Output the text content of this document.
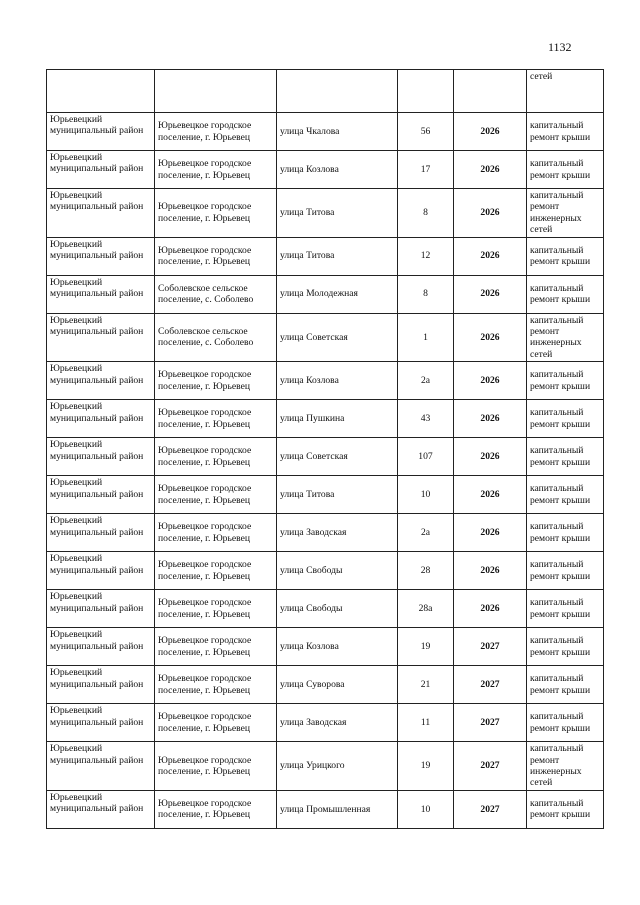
1132
					сетей
Юрьевецкий муниципальный район	Юрьевецкое городское поселение, г. Юрьевец	улица Чкалова	56	2026	капитальный ремонт крыши
Юрьевецкий муниципальный район	Юрьевецкое городское поселение, г. Юрьевец	улица Козлова	17	2026	капитальный ремонт крыши
Юрьевецкий муниципальный район	Юрьевецкое городское поселение, г. Юрьевец	улица Титова	8	2026	капитальный ремонт инженерных сетей
Юрьевецкий муниципальный район	Юрьевецкое городское поселение, г. Юрьевец	улица Титова	12	2026	капитальный ремонт крыши
Юрьевецкий муниципальный район	Соболевское сельское поселение, с. Соболево	улица Молодежная	8	2026	капитальный ремонт крыши
Юрьевецкий муниципальный район	Соболевское сельское поселение, с. Соболево	улица Советская	1	2026	капитальный ремонт инженерных сетей
Юрьевецкий муниципальный район	Юрьевецкое городское поселение, г. Юрьевец	улица Козлова	2а	2026	капитальный ремонт крыши
Юрьевецкий муниципальный район	Юрьевецкое городское поселение, г. Юрьевец	улица Пушкина	43	2026	капитальный ремонт крыши
Юрьевецкий муниципальный район	Юрьевецкое городское поселение, г. Юрьевец	улица Советская	107	2026	капитальный ремонт крыши
Юрьевецкий муниципальный район	Юрьевецкое городское поселение, г. Юрьевец	улица Титова	10	2026	капитальный ремонт крыши
Юрьевецкий муниципальный район	Юрьевецкое городское поселение, г. Юрьевец	улица Заводская	2а	2026	капитальный ремонт крыши
Юрьевецкий муниципальный район	Юрьевецкое городское поселение, г. Юрьевец	улица Свободы	28	2026	капитальный ремонт крыши
Юрьевецкий муниципальный район	Юрьевецкое городское поселение, г. Юрьевец	улица Свободы	28а	2026	капитальный ремонт крыши
Юрьевецкий муниципальный район	Юрьевецкое городское поселение, г. Юрьевец	улица Козлова	19	2027	капитальный ремонт крыши
Юрьевецкий муниципальный район	Юрьевецкое городское поселение, г. Юрьевец	улица Суворова	21	2027	капитальный ремонт крыши
Юрьевецкий муниципальный район	Юрьевецкое городское поселение, г. Юрьевец	улица Заводская	11	2027	капитальный ремонт крыши
Юрьевецкий муниципальный район	Юрьевецкое городское поселение, г. Юрьевец	улица Урицкого	19	2027	капитальный ремонт инженерных сетей
Юрьевецкий муниципальный район	Юрьевецкое городское поселение, г. Юрьевец	улица Промышленная	10	2027	капитальный ремонт крыши
